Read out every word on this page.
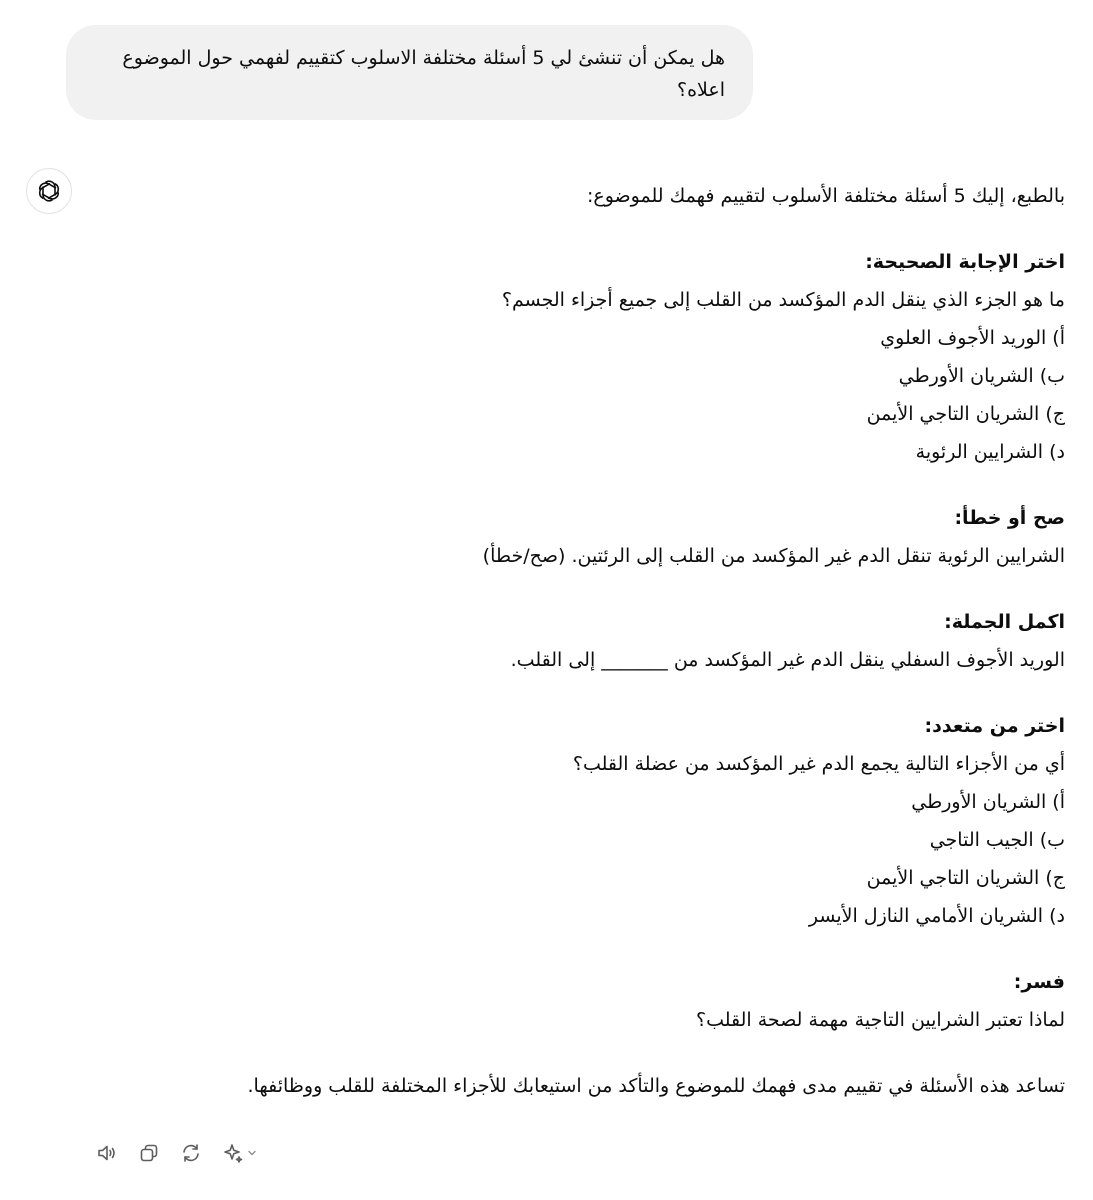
هل يمكن أن تنشئ لي 5 أسئلة مختلفة الاسلوب كتقييم لفهمي حول الموضوع
اعلاه؟

بالطبع، إليك 5 أسئلة مختلفة الأسلوب لتقييم فهمك للموضوع:

اختر الإجابة الصحيحة:

ما هو الجزء الذي ينقل الدم المؤكسد من القلب إلى جميع أجزاء الجسم؟

أ) الوريد الأجوف العلوي

ب) الشريان الأورطي

ج) الشريان التاجي الأيمن

د) الشرايين الرئوية

صح أو خطأ:

الشرايين الرئوية تنقل الدم غير المؤكسد من القلب إلى الرئتين. (صح/خطأ)

اكمل الجملة:

الوريد الأجوف السفلي ينقل الدم غير المؤكسد من _______ إلى القلب.

اختر من متعدد:

أي من الأجزاء التالية يجمع الدم غير المؤكسد من عضلة القلب؟

أ) الشريان الأورطي

ب) الجيب التاجي

ج) الشريان التاجي الأيمن

د) الشريان الأمامي النازل الأيسر

فسر:

لماذا تعتبر الشرايين التاجية مهمة لصحة القلب؟

تساعد هذه الأسئلة في تقييم مدى فهمك للموضوع والتأكد من استيعابك للأجزاء المختلفة للقلب ووظائفها.
